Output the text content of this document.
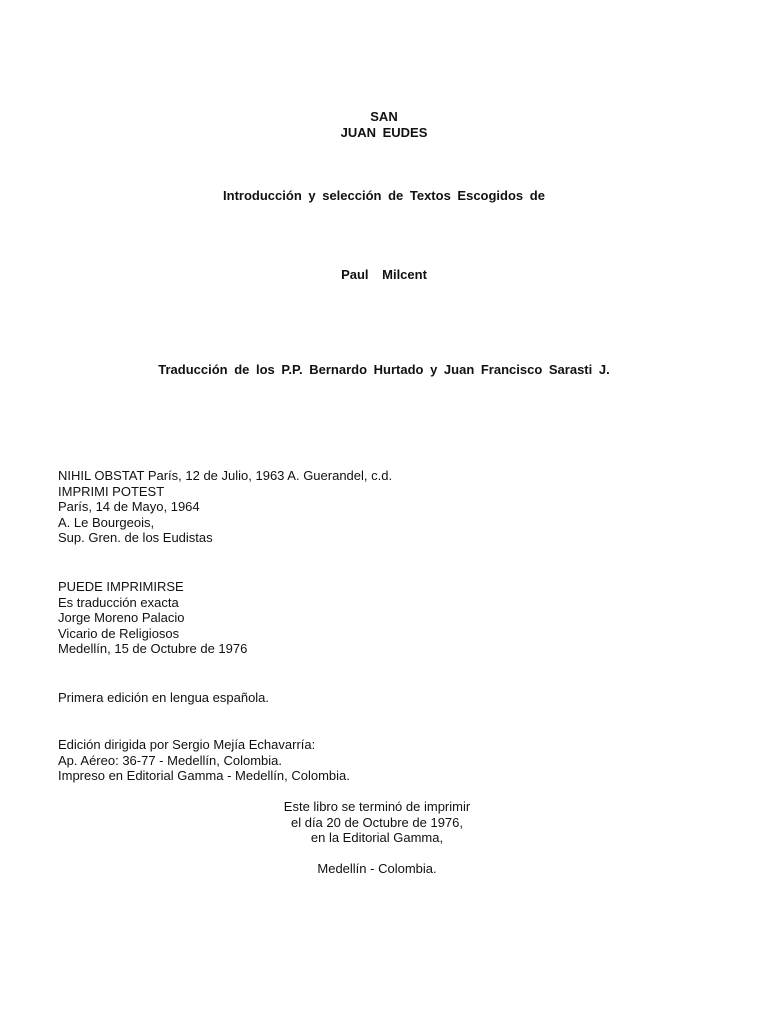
SAN
JUAN EUDES
Introducción y selección de Textos Escogidos de
Paul Milcent
Traducción de los P.P. Bernardo Hurtado y Juan Francisco Sarasti J.
NIHIL OBSTAT París, 12 de Julio, 1963 A. Guerandel, c.d.
IMPRIMI POTEST
París, 14 de Mayo, 1964
A. Le Bourgeois,
Sup. Gren. de los Eudistas
PUEDE IMPRIMIRSE
Es traducción exacta
Jorge Moreno Palacio
Vicario de Religiosos
Medellín, 15 de Octubre de 1976
Primera edición en lengua española.
Edición dirigida por Sergio Mejía Echavarría:
Ap. Aéreo: 36-77 - Medellín, Colombia.
Impreso en Editorial Gamma - Medellín, Colombia.
Este libro se terminó de imprimir
el día 20 de Octubre de 1976,
en la Editorial Gamma,
Medellín - Colombia.
